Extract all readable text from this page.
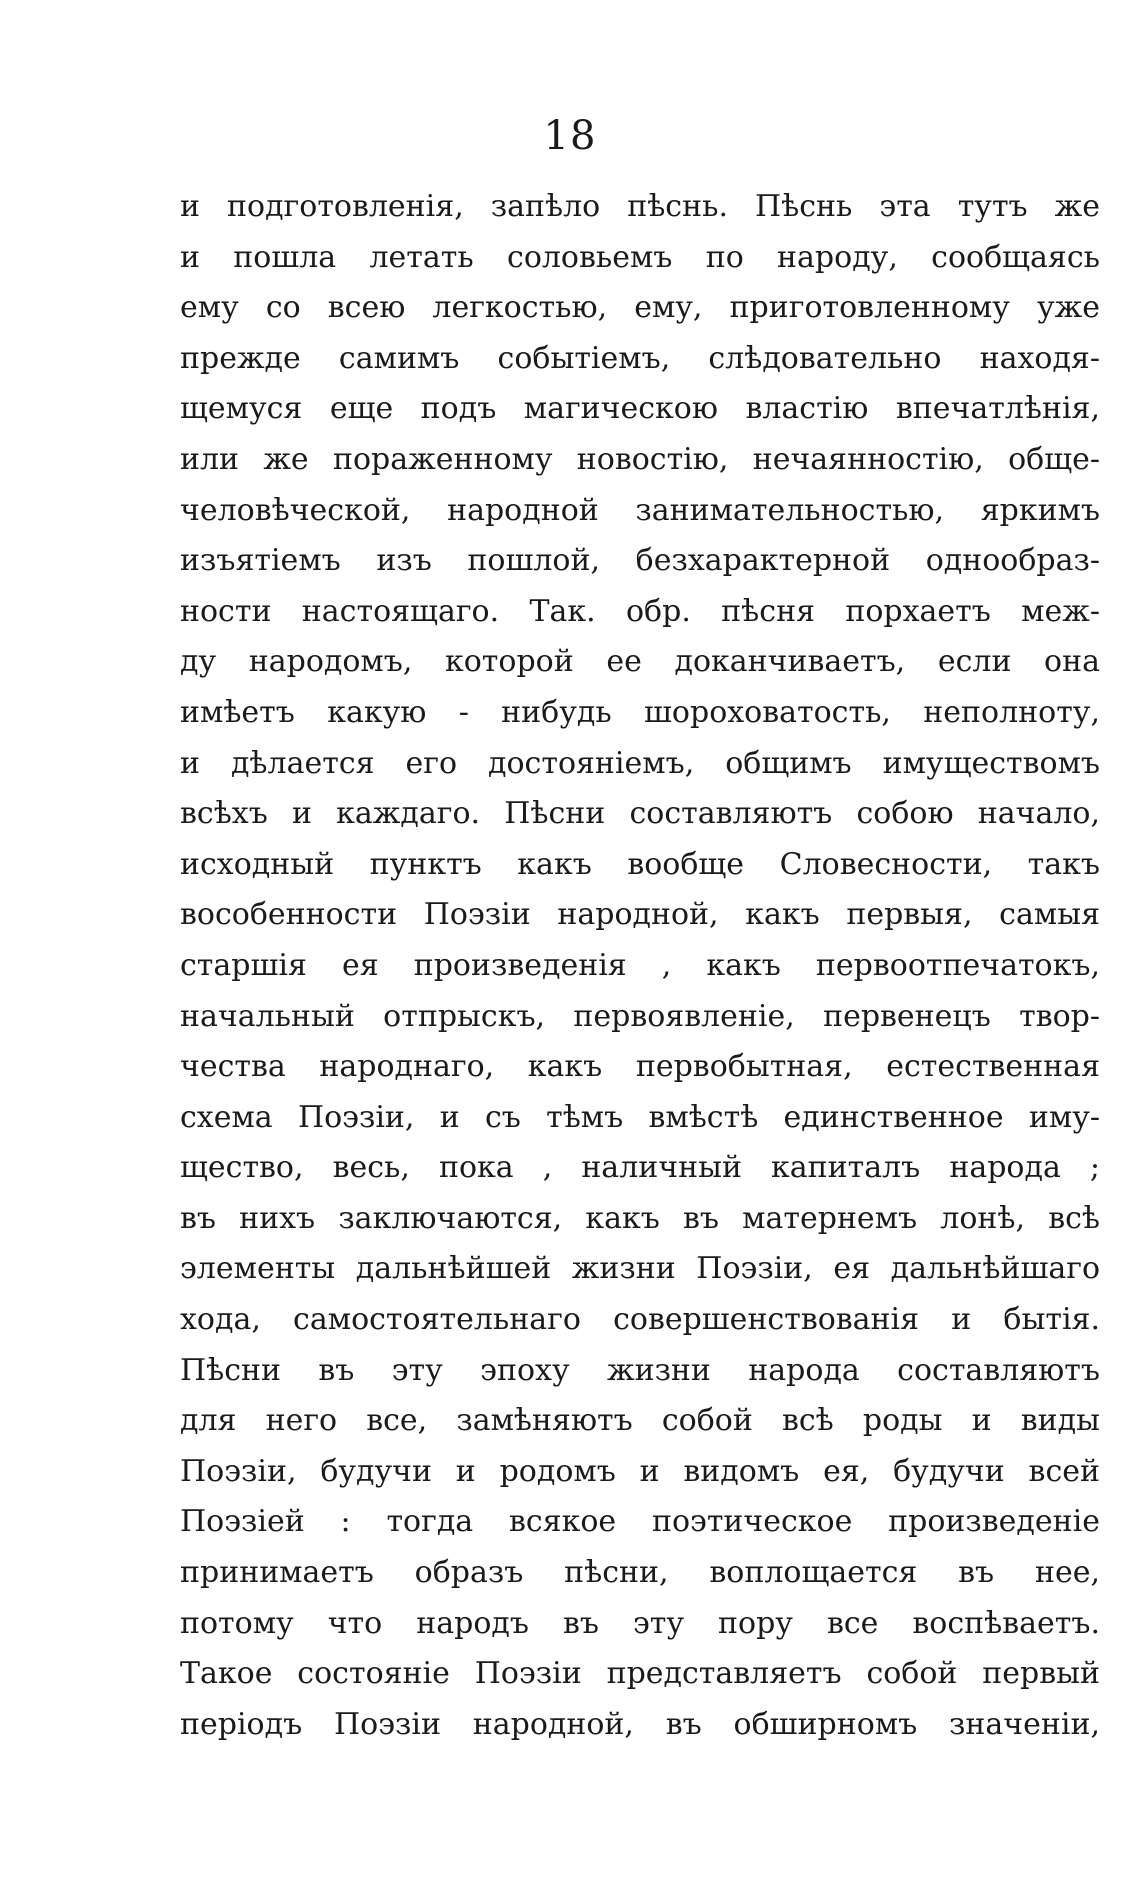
18
и подготовленія, запѣло пѣснь. Пѣснь эта тутъ же
и пошла летать соловьемъ по народу, сообщаясь
ему со всею легкостью, ему, приготовленному уже
прежде самимъ событіемъ, слѣдовательно находя-
щемуся еще подъ магическою властію впечатлѣнія,
или же пораженному новостію, нечаянностію, обще-
человѣческой, народной занимательностью, яркимъ
изъятіемъ изъ пошлой, безхарактерной однообраз-
ности настоящаго. Так. обр. пѣсня порхаетъ меж-
ду народомъ, которой ее доканчиваетъ, если она
имѣетъ какую - нибудь шороховатость, неполноту,
и дѣлается его достояніемъ, общимъ имуществомъ
всѣхъ и каждаго. Пѣсни составляютъ собою начало,
исходный пунктъ какъ вообще Словесности, такъ
вособенности Поэзіи народной, какъ первыя, самыя
старшія ея произведенія , какъ первоотпечатокъ,
начальный отпрыскъ, первоявленіе, первенецъ твор-
чества народнаго, какъ первобытная, естественная
схема Поэзіи, и съ тѣмъ вмѣстѣ единственное иму-
щество, весь, пока , наличный капиталъ народа ;
въ нихъ заключаются, какъ въ матернемъ лонѣ, всѣ
элементы дальнѣйшей жизни Поэзіи, ея дальнѣйшаго
хода, самостоятельнаго совершенствованія и бытія.
Пѣсни въ эту эпоху жизни народа составляютъ
для него все, замѣняютъ собой всѣ роды и виды
Поэзіи, будучи и родомъ и видомъ ея, будучи всей
Поэзіей : тогда всякое поэтическое произведеніе
принимаетъ образъ пѣсни, воплощается въ нее,
потому что народъ въ эту пору все воспѣваетъ.
Такое состояніе Поэзіи представляетъ собой первый
періодъ Поэзіи народной, въ обширномъ значеніи,
